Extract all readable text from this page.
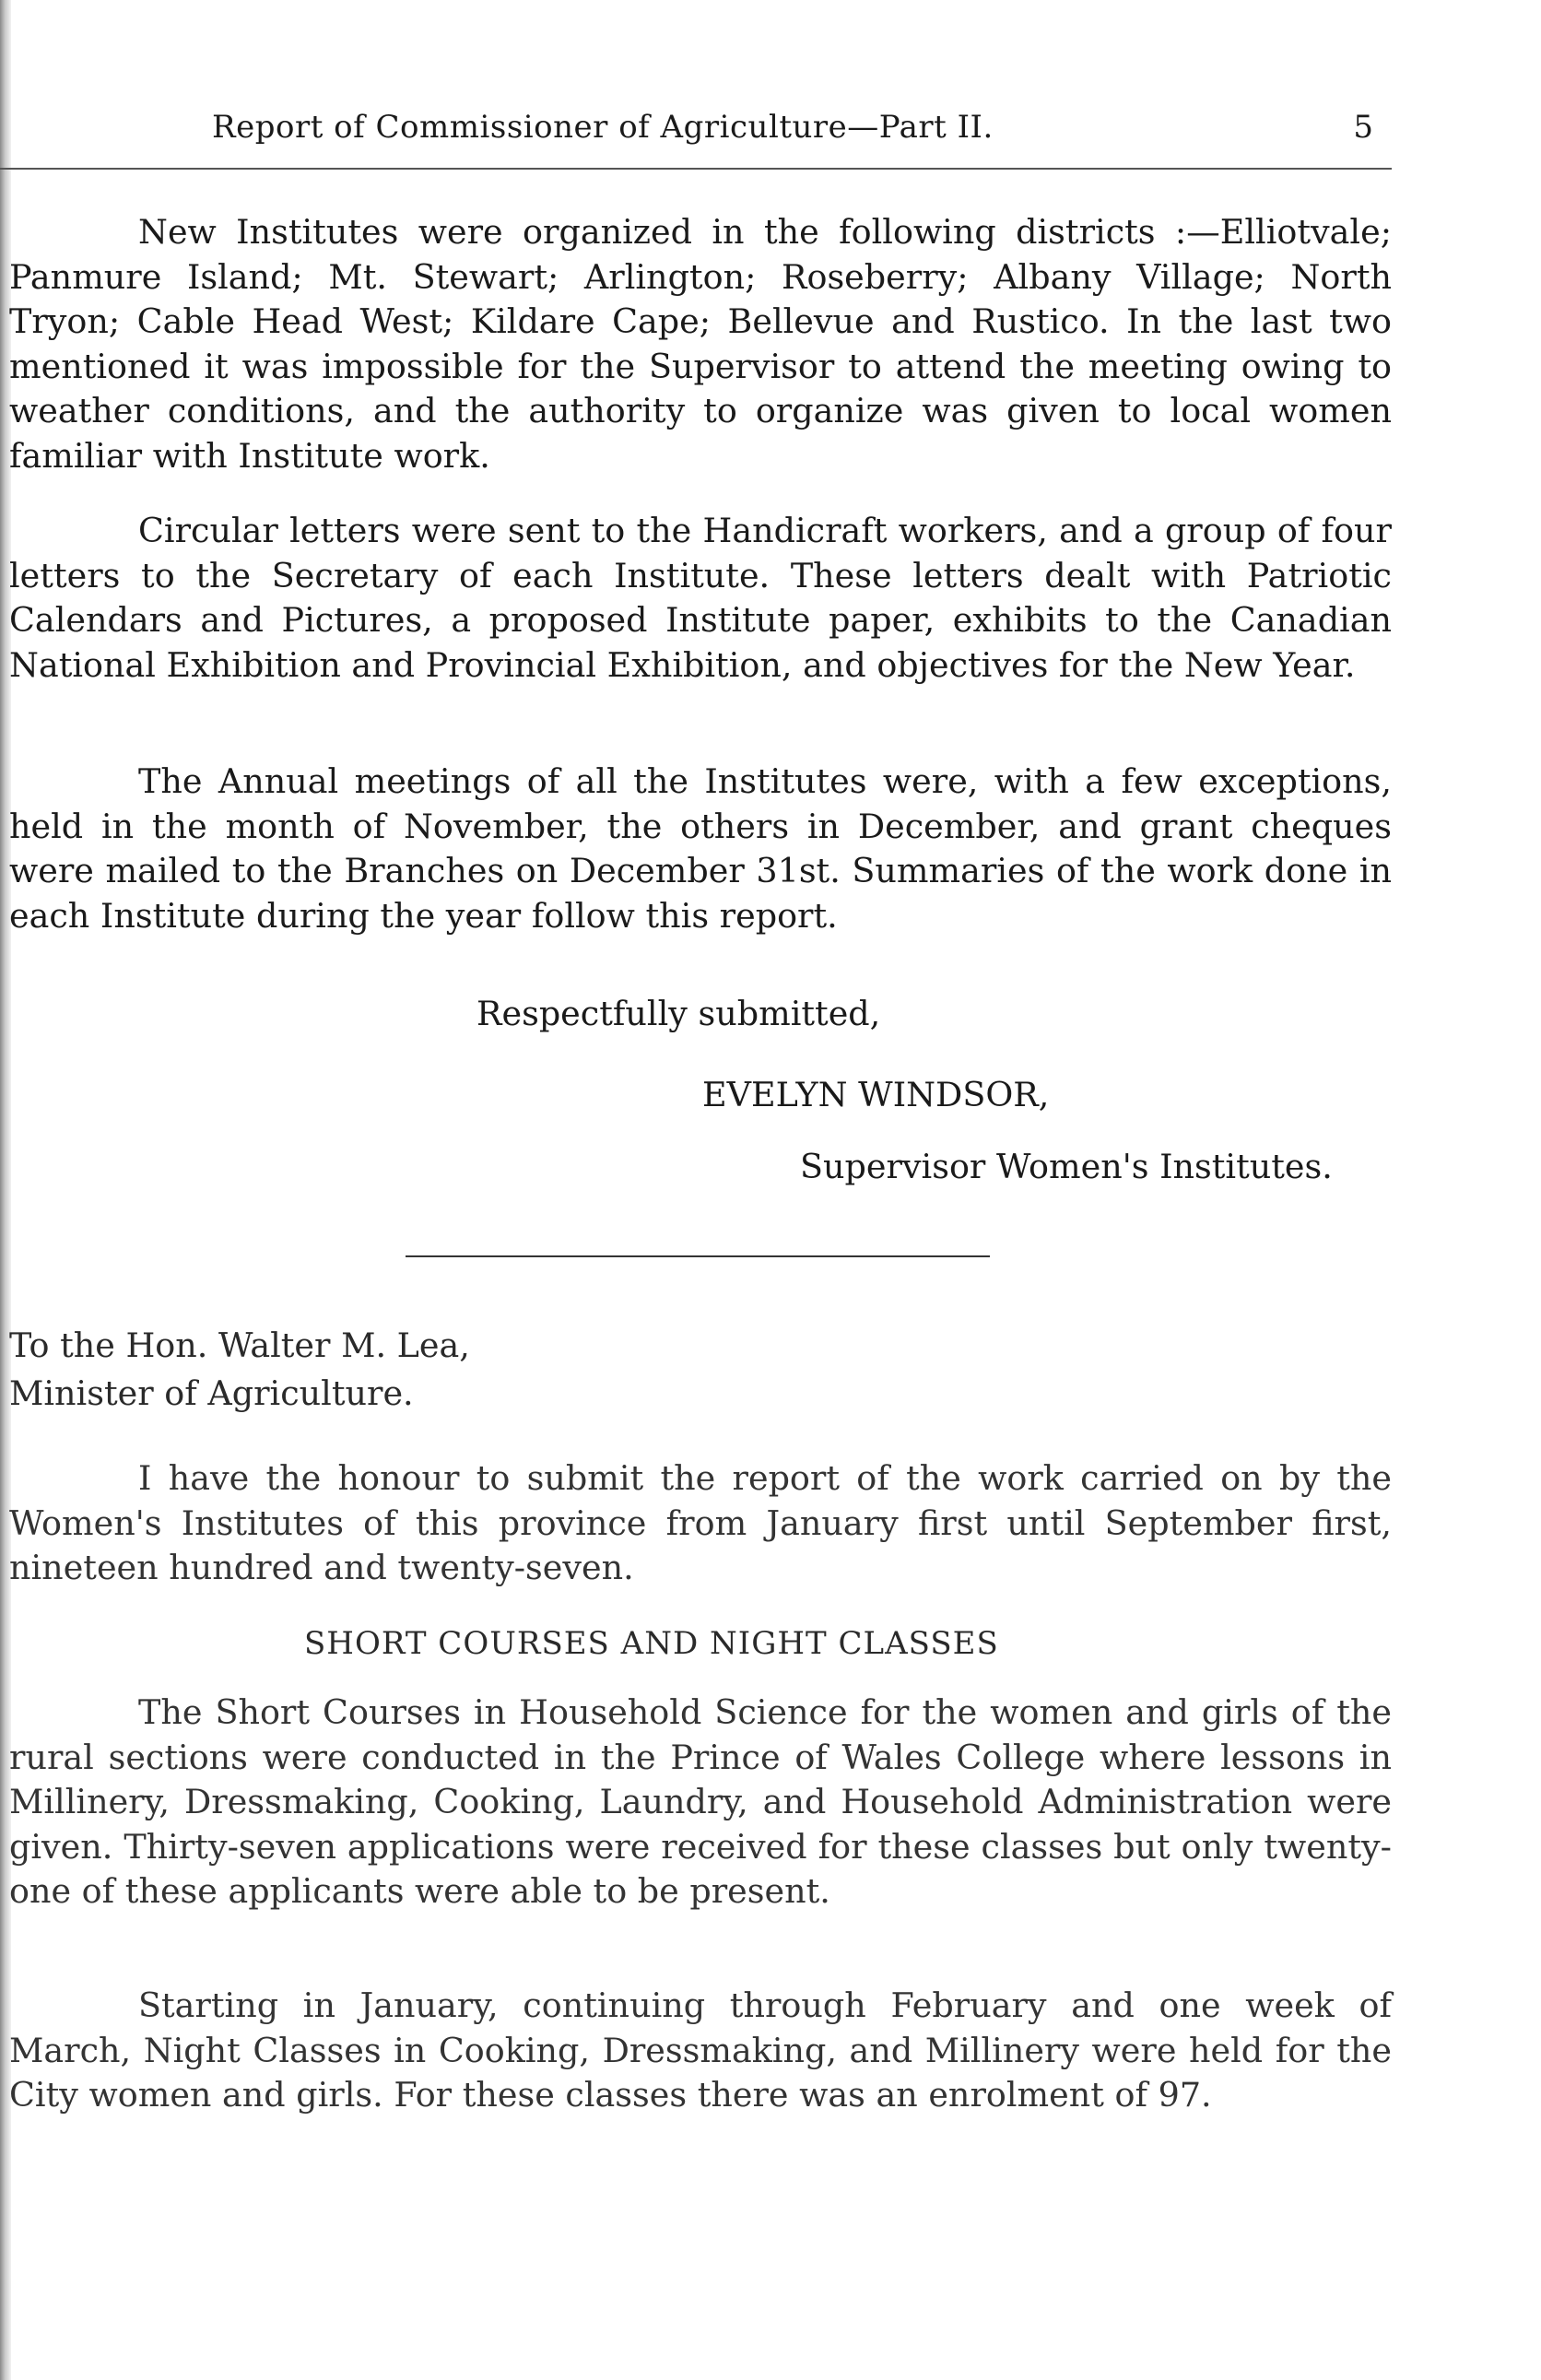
Report of Commissioner of Agriculture—Part II.	5

New Institutes were organized in the following districts :—Elliotvale; Panmure Island; Mt. Stewart; Arlington; Roseberry; Albany Village; North Tryon; Cable Head West; Kildare Cape; Bellevue and Rustico. In the last two mentioned it was impossible for the Supervisor to attend the meeting owing to weather conditions, and the authority to organize was given to local women familiar with Institute work.

Circular letters were sent to the Handicraft workers, and a group of four letters to the Secretary of each Institute. These letters dealt with Patriotic Calendars and Pictures, a proposed Institute paper, exhibits to the Canadian National Exhibition and Provincial Exhibition, and objectives for the New Year.

The Annual meetings of all the Institutes were, with a few exceptions, held in the month of November, the others in December, and grant cheques were mailed to the Branches on December 31st. Summaries of the work done in each Institute during the year follow this report.

Respectfully submitted,
EVELYN WINDSOR,
Supervisor Women's Institutes.
To the Hon. Walter M. Lea,
Minister of Agriculture.

I have the honour to submit the report of the work carried on by the Women's Institutes of this province from January first until September first, nineteen hundred and twenty-seven.

SHORT COURSES AND NIGHT CLASSES

The Short Courses in Household Science for the women and girls of the rural sections were conducted in the Prince of Wales College where lessons in Millinery, Dressmaking, Cooking, Laundry, and Household Administration were given. Thirty-seven applications were received for these classes but only twenty-one of these applicants were able to be present.

Starting in January, continuing through February and one week of March, Night Classes in Cooking, Dressmaking, and Millinery were held for the City women and girls. For these classes there was an enrolment of 97.
